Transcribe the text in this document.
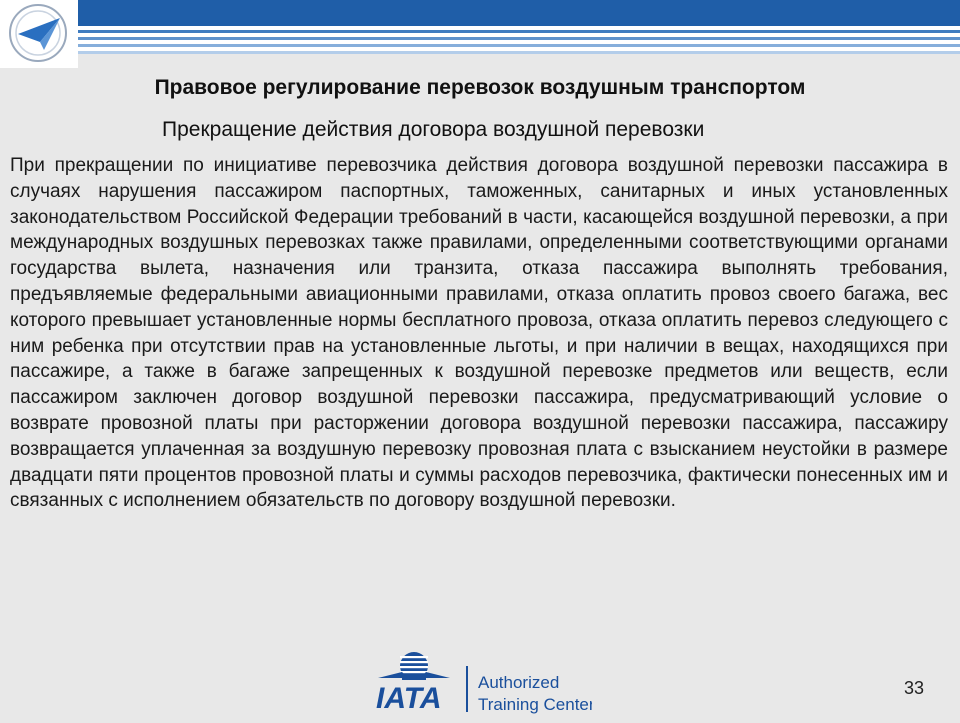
Правовое регулирование перевозок воздушным транспортом
Прекращение действия договора воздушной перевозки
При прекращении по инициативе перевозчика действия договора воздушной перевозки пассажира в случаях нарушения пассажиром паспортных, таможенных, санитарных и иных установленных законодательством Российской Федерации требований в части, касающейся воздушной перевозки, а при международных воздушных перевозках также правилами, определенными соответствующими органами государства вылета, назначения или транзита, отказа пассажира выполнять требования, предъявляемые федеральными авиационными правилами, отказа оплатить провоз своего багажа, вес которого превышает установленные нормы бесплатного провоза, отказа оплатить перевоз следующего с ним ребенка при отсутствии прав на установленные льготы, и при наличии в вещах, находящихся при пассажире, а также в багаже запрещенных к воздушной перевозке предметов или веществ, если пассажиром заключен договор воздушной перевозки пассажира, предусматривающий условие о возврате провозной платы при расторжении договора воздушной перевозки пассажира, пассажиру возвращается уплаченная за воздушную перевозку провозная плата с взысканием неустойки в размере двадцати пяти процентов провозной платы и суммы расходов перевозчика, фактически понесенных им и связанных с исполнением обязательств по договору воздушной перевозки.
IATA Authorized
Training Center
33
